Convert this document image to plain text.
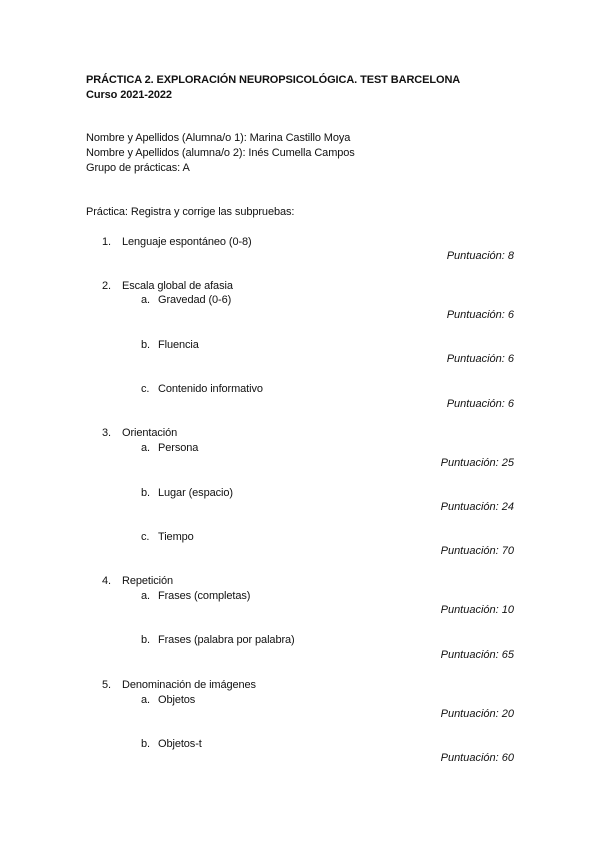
PRÁCTICA 2. EXPLORACIÓN NEUROPSICOLÓGICA. TEST BARCELONA
Curso 2021-2022
Nombre y Apellidos (Alumna/o 1): Marina Castillo Moya
Nombre y Apellidos (alumna/o 2): Inés Cumella Campos
Grupo de prácticas: A
Práctica: Registra y corrige las subpruebas:
1. Lenguaje espontáneo (0-8)
Puntuación: 8
2. Escala global de afasia
a. Gravedad (0-6)
Puntuación: 6
b. Fluencia
Puntuación: 6
c. Contenido informativo
Puntuación: 6
3. Orientación
a. Persona
Puntuación: 25
b. Lugar (espacio)
Puntuación: 24
c. Tiempo
Puntuación: 70
4. Repetición
a. Frases (completas)
Puntuación: 10
b. Frases (palabra por palabra)
Puntuación: 65
5. Denominación de imágenes
a. Objetos
Puntuación: 20
b. Objetos-t
Puntuación: 60
